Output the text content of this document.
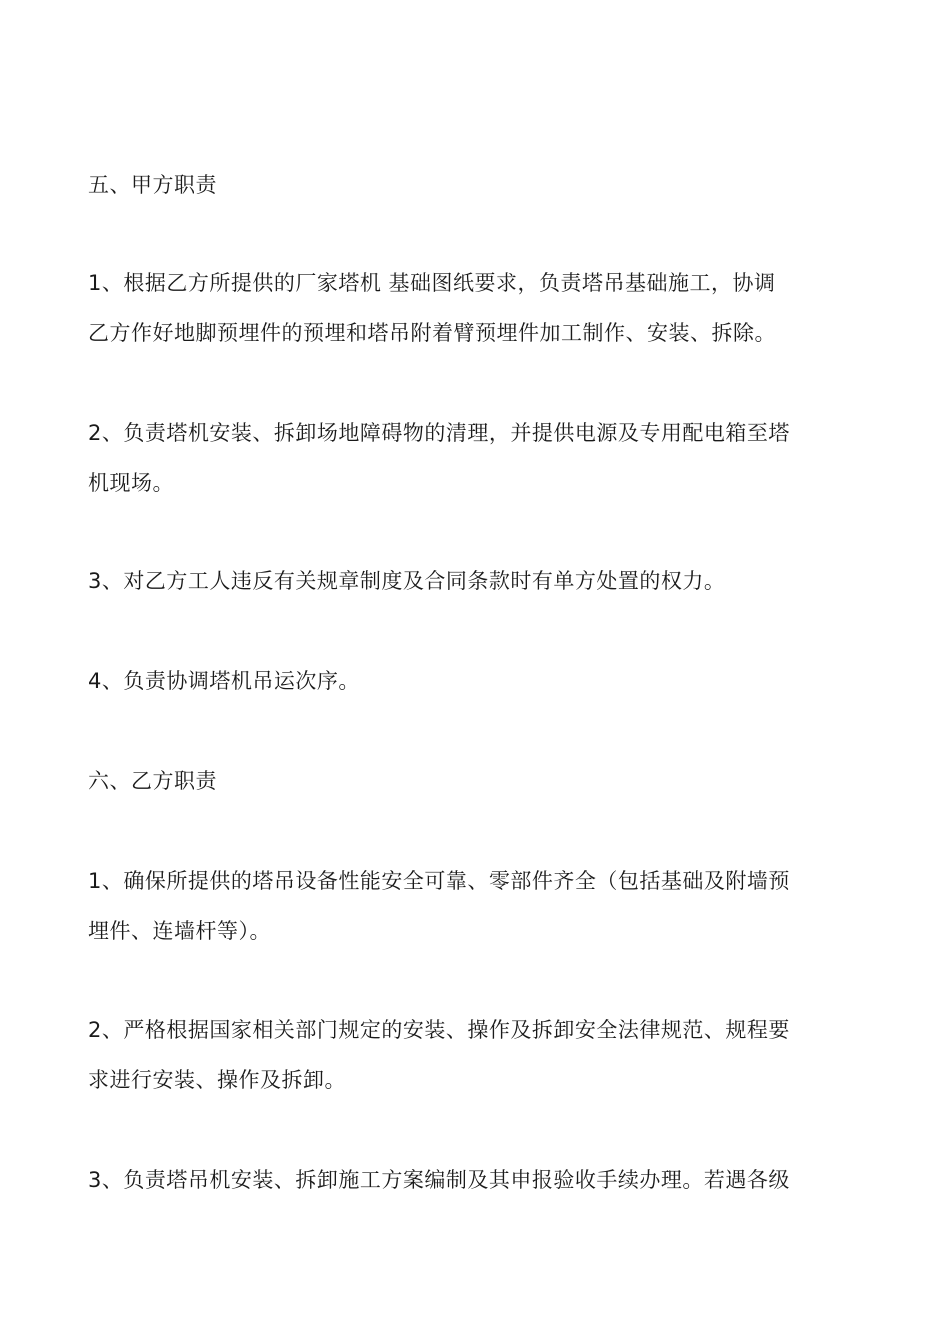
五、甲方职责
1、根据乙方所提供的厂家塔机 基础图纸要求，负责塔吊基础施工，协调
乙方作好地脚预埋件的预埋和塔吊附着臂预埋件加工制作、安装、拆除。
2、负责塔机安装、拆卸场地障碍物的清理，并提供电源及专用配电箱至塔
机现场。
3、对乙方工人违反有关规章制度及合同条款时有单方处置的权力。
4、负责协调塔机吊运次序。
六、乙方职责
1、确保所提供的塔吊设备性能安全可靠、零部件齐全（包括基础及附墙预
埋件、连墙杆等）。
2、严格根据国家相关部门规定的安装、操作及拆卸安全法律规范、规程要
求进行安装、操作及拆卸。
3、负责塔吊机安装、拆卸施工方案编制及其申报验收手续办理。若遇各级
